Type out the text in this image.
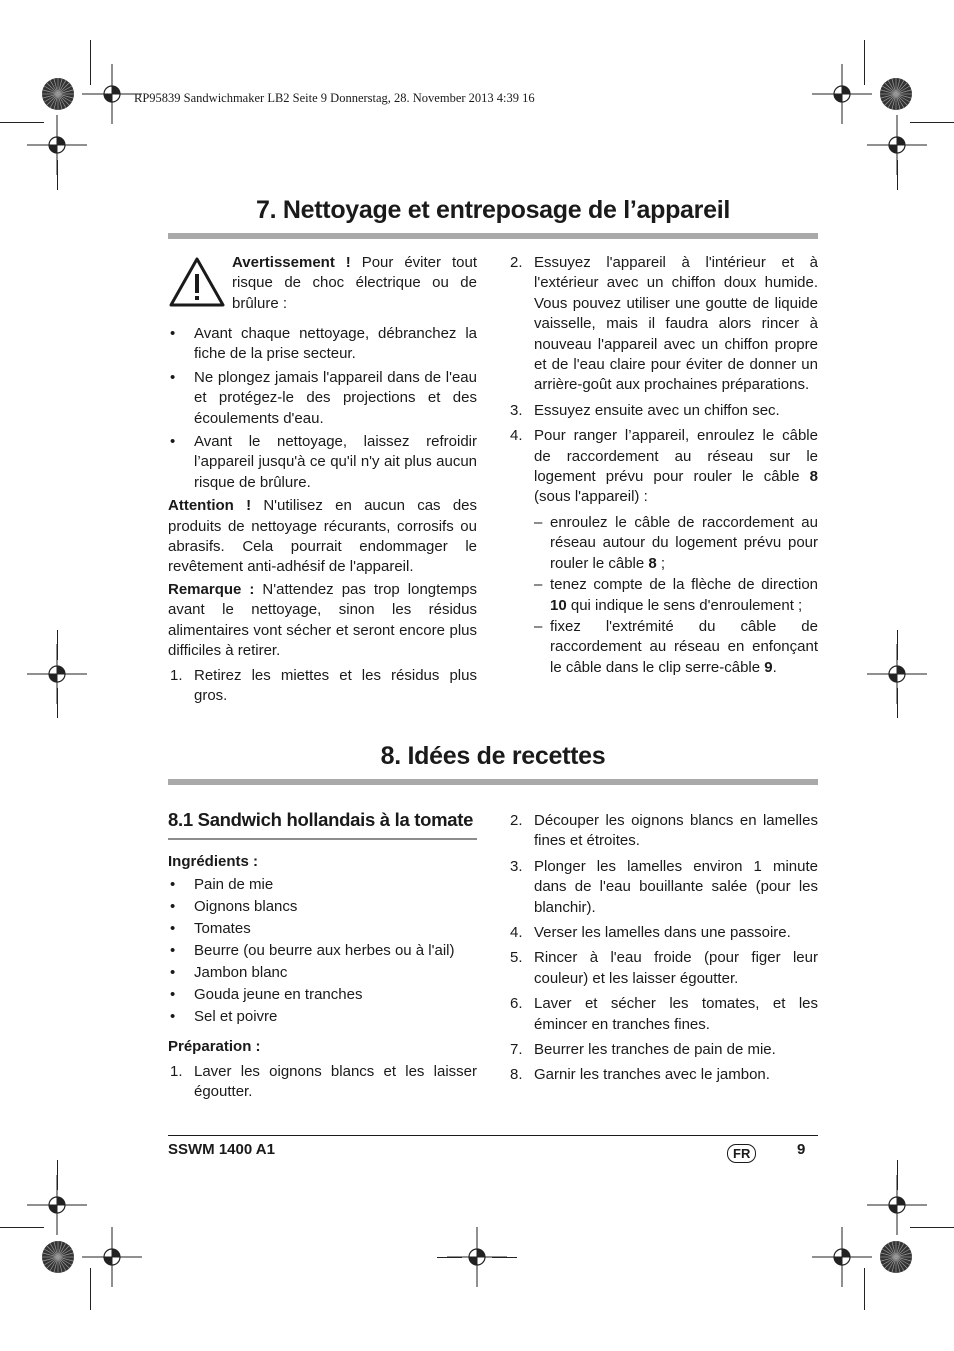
RP95839 Sandwichmaker LB2 Seite 9 Donnerstag, 28. November 2013 4:39 16
7. Nettoyage et entreposage de l’appareil

Avertissement ! Pour éviter tout risque de choc électrique ou de brûlure :

• Avant chaque nettoyage, débranchez la fiche de la prise secteur.
• Ne plongez jamais l'appareil dans de l'eau et protégez-le des projections et des écoulements d'eau.
• Avant le nettoyage, laissez refroidir l’appareil jusqu'à ce qu'il n'y ait plus aucun risque de brûlure.

Attention ! N'utilisez en aucun cas des produits de nettoyage récurants, corrosifs ou abrasifs. Cela pourrait endommager le revêtement anti-adhésif de l'appareil.

Remarque : N'attendez pas trop longtemps avant le nettoyage, sinon les résidus alimentaires vont sécher et seront encore plus difficiles à retirer.

1. Retirez les miettes et les résidus plus gros.
2. Essuyez l'appareil à l'intérieur et à l'extérieur avec un chiffon doux humide. Vous pouvez utiliser une goutte de liquide vaisselle, mais il faudra alors rincer à nouveau l'appareil avec un chiffon propre et de l'eau claire pour éviter de donner un arrière-goût aux prochaines préparations.
3. Essuyez ensuite avec un chiffon sec.
4. Pour ranger l’appareil, enroulez le câble de raccordement au réseau sur le logement prévu pour rouler le câble 8 (sous l'appareil) :
– enroulez le câble de raccordement au réseau autour du logement prévu pour rouler le câble 8 ;
– tenez compte de la flèche de direction 10 qui indique le sens d'enroulement ;
– fixez l'extrémité du câble de raccordement au réseau en enfonçant le câble dans le clip serre-câble 9.
8. Idées de recettes
8.1 Sandwich hollandais à la tomate

Ingrédients :

• Pain de mie
• Oignons blancs
• Tomates
• Beurre (ou beurre aux herbes ou à l'ail)
• Jambon blanc
• Gouda jeune en tranches
• Sel et poivre

Préparation :

1. Laver les oignons blancs et les laisser égoutter.
2. Découper les oignons blancs en lamelles fines et étroites.
3. Plonger les lamelles environ 1 minute dans de l'eau bouillante salée (pour les blanchir).
4. Verser les lamelles dans une passoire.
5. Rincer à l'eau froide (pour figer leur couleur) et les laisser égoutter.
6. Laver et sécher les tomates, et les émincer en tranches fines.
7. Beurrer les tranches de pain de mie.
8. Garnir les tranches avec le jambon.
SSWM 1400 A1	FR	9
